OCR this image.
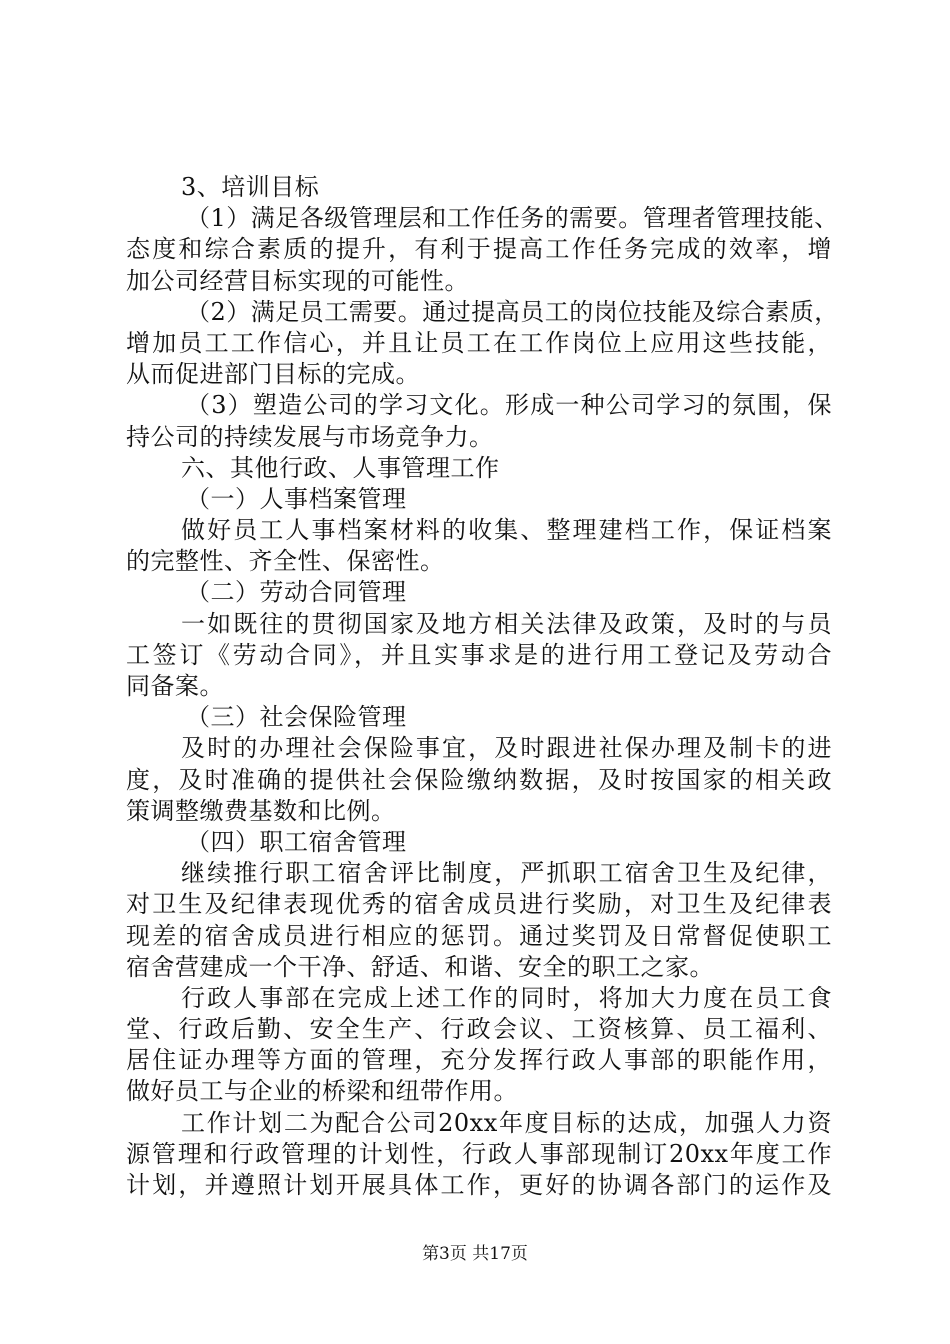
3、培训目标
（1）满足各级管理层和工作任务的需要。管理者管理技能、
态度和综合素质的提升，有利于提高工作任务完成的效率，增
加公司经营目标实现的可能性。
（2）满足员工需要。通过提高员工的岗位技能及综合素质，
增加员工工作信心，并且让员工在工作岗位上应用这些技能，
从而促进部门目标的完成。
（3）塑造公司的学习文化。形成一种公司学习的氛围，保
持公司的持续发展与市场竞争力。
六、其他行政、人事管理工作
（一）人事档案管理
做好员工人事档案材料的收集、整理建档工作，保证档案
的完整性、齐全性、保密性。
（二）劳动合同管理
一如既往的贯彻国家及地方相关法律及政策，及时的与员
工签订《劳动合同》，并且实事求是的进行用工登记及劳动合
同备案。
（三）社会保险管理
及时的办理社会保险事宜，及时跟进社保办理及制卡的进
度，及时准确的提供社会保险缴纳数据，及时按国家的相关政
策调整缴费基数和比例。
（四）职工宿舍管理
继续推行职工宿舍评比制度，严抓职工宿舍卫生及纪律，
对卫生及纪律表现优秀的宿舍成员进行奖励，对卫生及纪律表
现差的宿舍成员进行相应的惩罚。通过奖罚及日常督促使职工
宿舍营建成一个干净、舒适、和谐、安全的职工之家。
行政人事部在完成上述工作的同时，将加大力度在员工食
堂、行政后勤、安全生产、行政会议、工资核算、员工福利、
居住证办理等方面的管理，充分发挥行政人事部的职能作用，
做好员工与企业的桥梁和纽带作用。
工作计划二为配合公司20xx年度目标的达成，加强人力资
源管理和行政管理的计划性，行政人事部现制订20xx年度工作
计划，并遵照计划开展具体工作，更好的协调各部门的运作及
第3页 共17页
